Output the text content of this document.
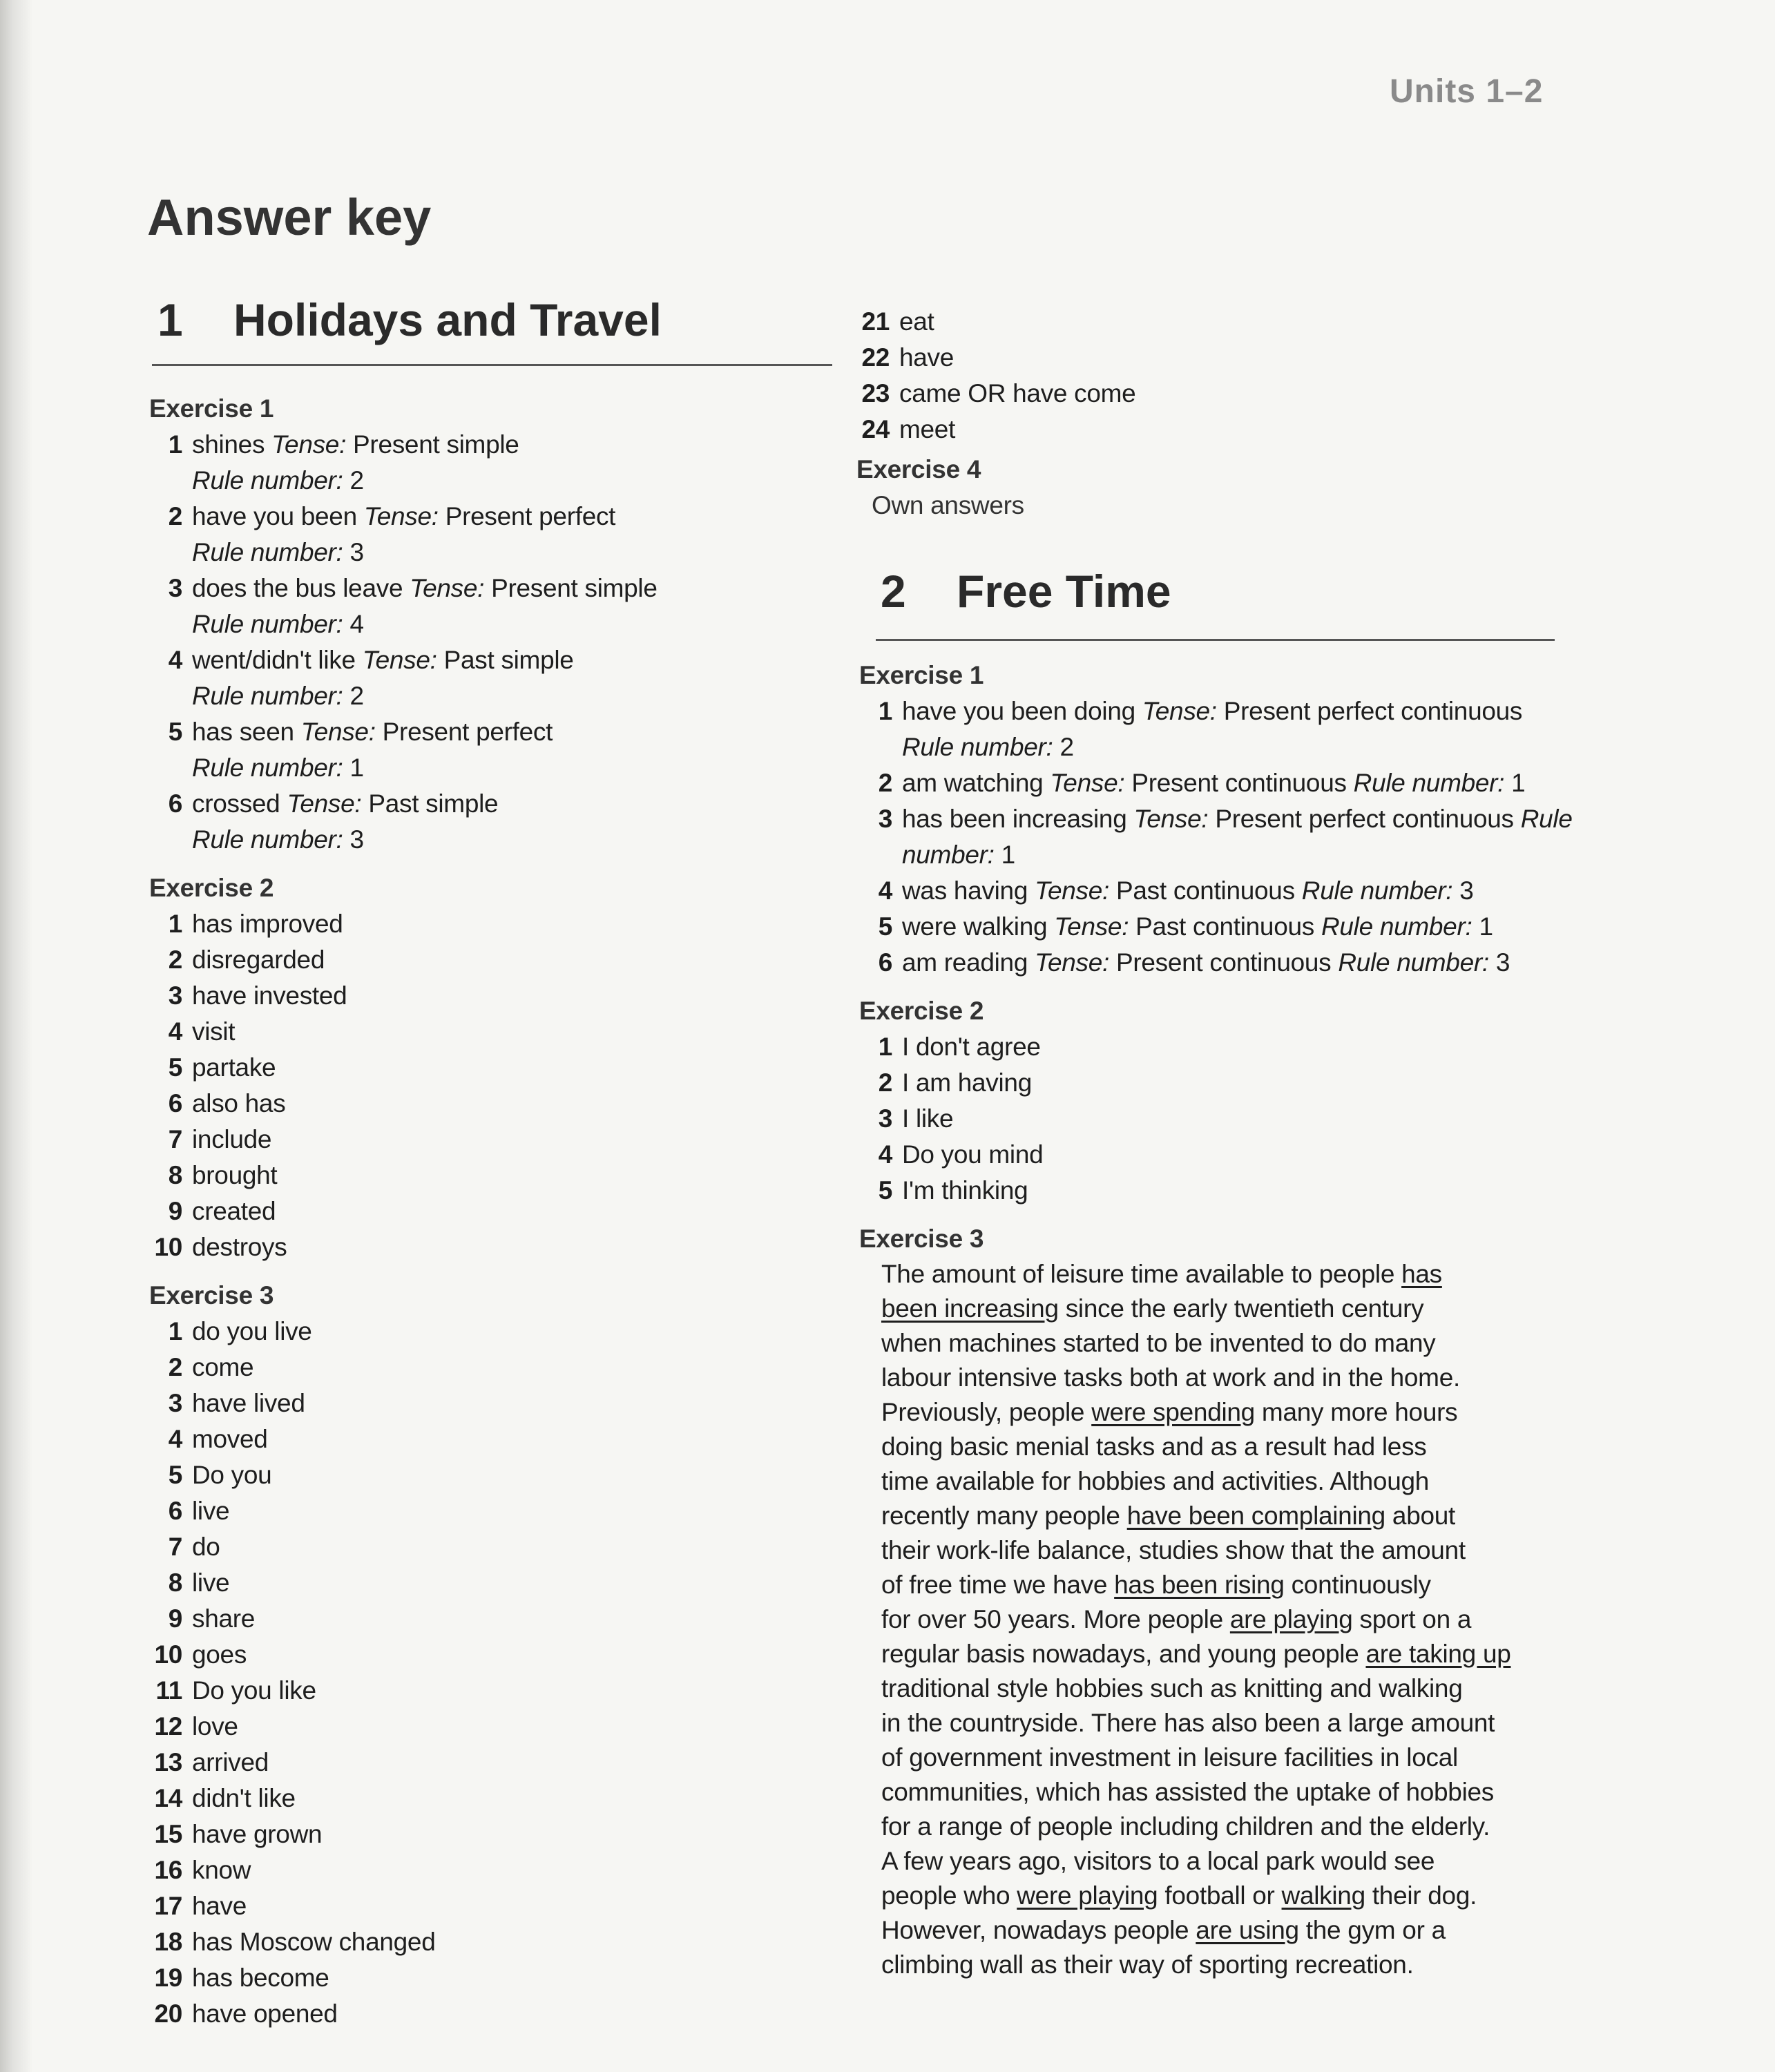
Units 1–2
Answer key
1 Holidays and Travel
Exercise 1
1 shines Tense: Present simple
Rule number: 2
2 have you been Tense: Present perfect
Rule number: 3
3 does the bus leave Tense: Present simple
Rule number: 4
4 went/didn't like Tense: Past simple
Rule number: 2
5 has seen Tense: Present perfect
Rule number: 1
6 crossed Tense: Past simple
Rule number: 3
Exercise 2
1 has improved
2 disregarded
3 have invested
4 visit
5 partake
6 also has
7 include
8 brought
9 created
10 destroys
Exercise 3
1 do you live
2 come
3 have lived
4 moved
5 Do you
6 live
7 do
8 live
9 share
10 goes
11 Do you like
12 love
13 arrived
14 didn't like
15 have grown
16 know
17 have
18 has Moscow changed
19 has become
20 have opened
21 eat
22 have
23 came OR have come
24 meet
Exercise 4
Own answers
2 Free Time
Exercise 1
1 have you been doing Tense: Present perfect continuous Rule number: 2
2 am watching Tense: Present continuous Rule number: 1
3 has been increasing Tense: Present perfect continuous Rule number: 1
4 was having Tense: Past continuous Rule number: 3
5 were walking Tense: Past continuous Rule number: 1
6 am reading Tense: Present continuous Rule number: 3
Exercise 2
1 I don't agree
2 I am having
3 I like
4 Do you mind
5 I'm thinking
Exercise 3
The amount of leisure time available to people has
been increasing since the early twentieth century
when machines started to be invented to do many
labour intensive tasks both at work and in the home.
Previously, people were spending many more hours
doing basic menial tasks and as a result had less
time available for hobbies and activities. Although
recently many people have been complaining about
their work-life balance, studies show that the amount
of free time we have has been rising continuously
for over 50 years. More people are playing sport on a
regular basis nowadays, and young people are taking up
traditional style hobbies such as knitting and walking
in the countryside. There has also been a large amount
of government investment in leisure facilities in local
communities, which has assisted the uptake of hobbies
for a range of people including children and the elderly.
A few years ago, visitors to a local park would see
people who were playing football or walking their dog.
However, nowadays people are using the gym or a
climbing wall as their way of sporting recreation.
